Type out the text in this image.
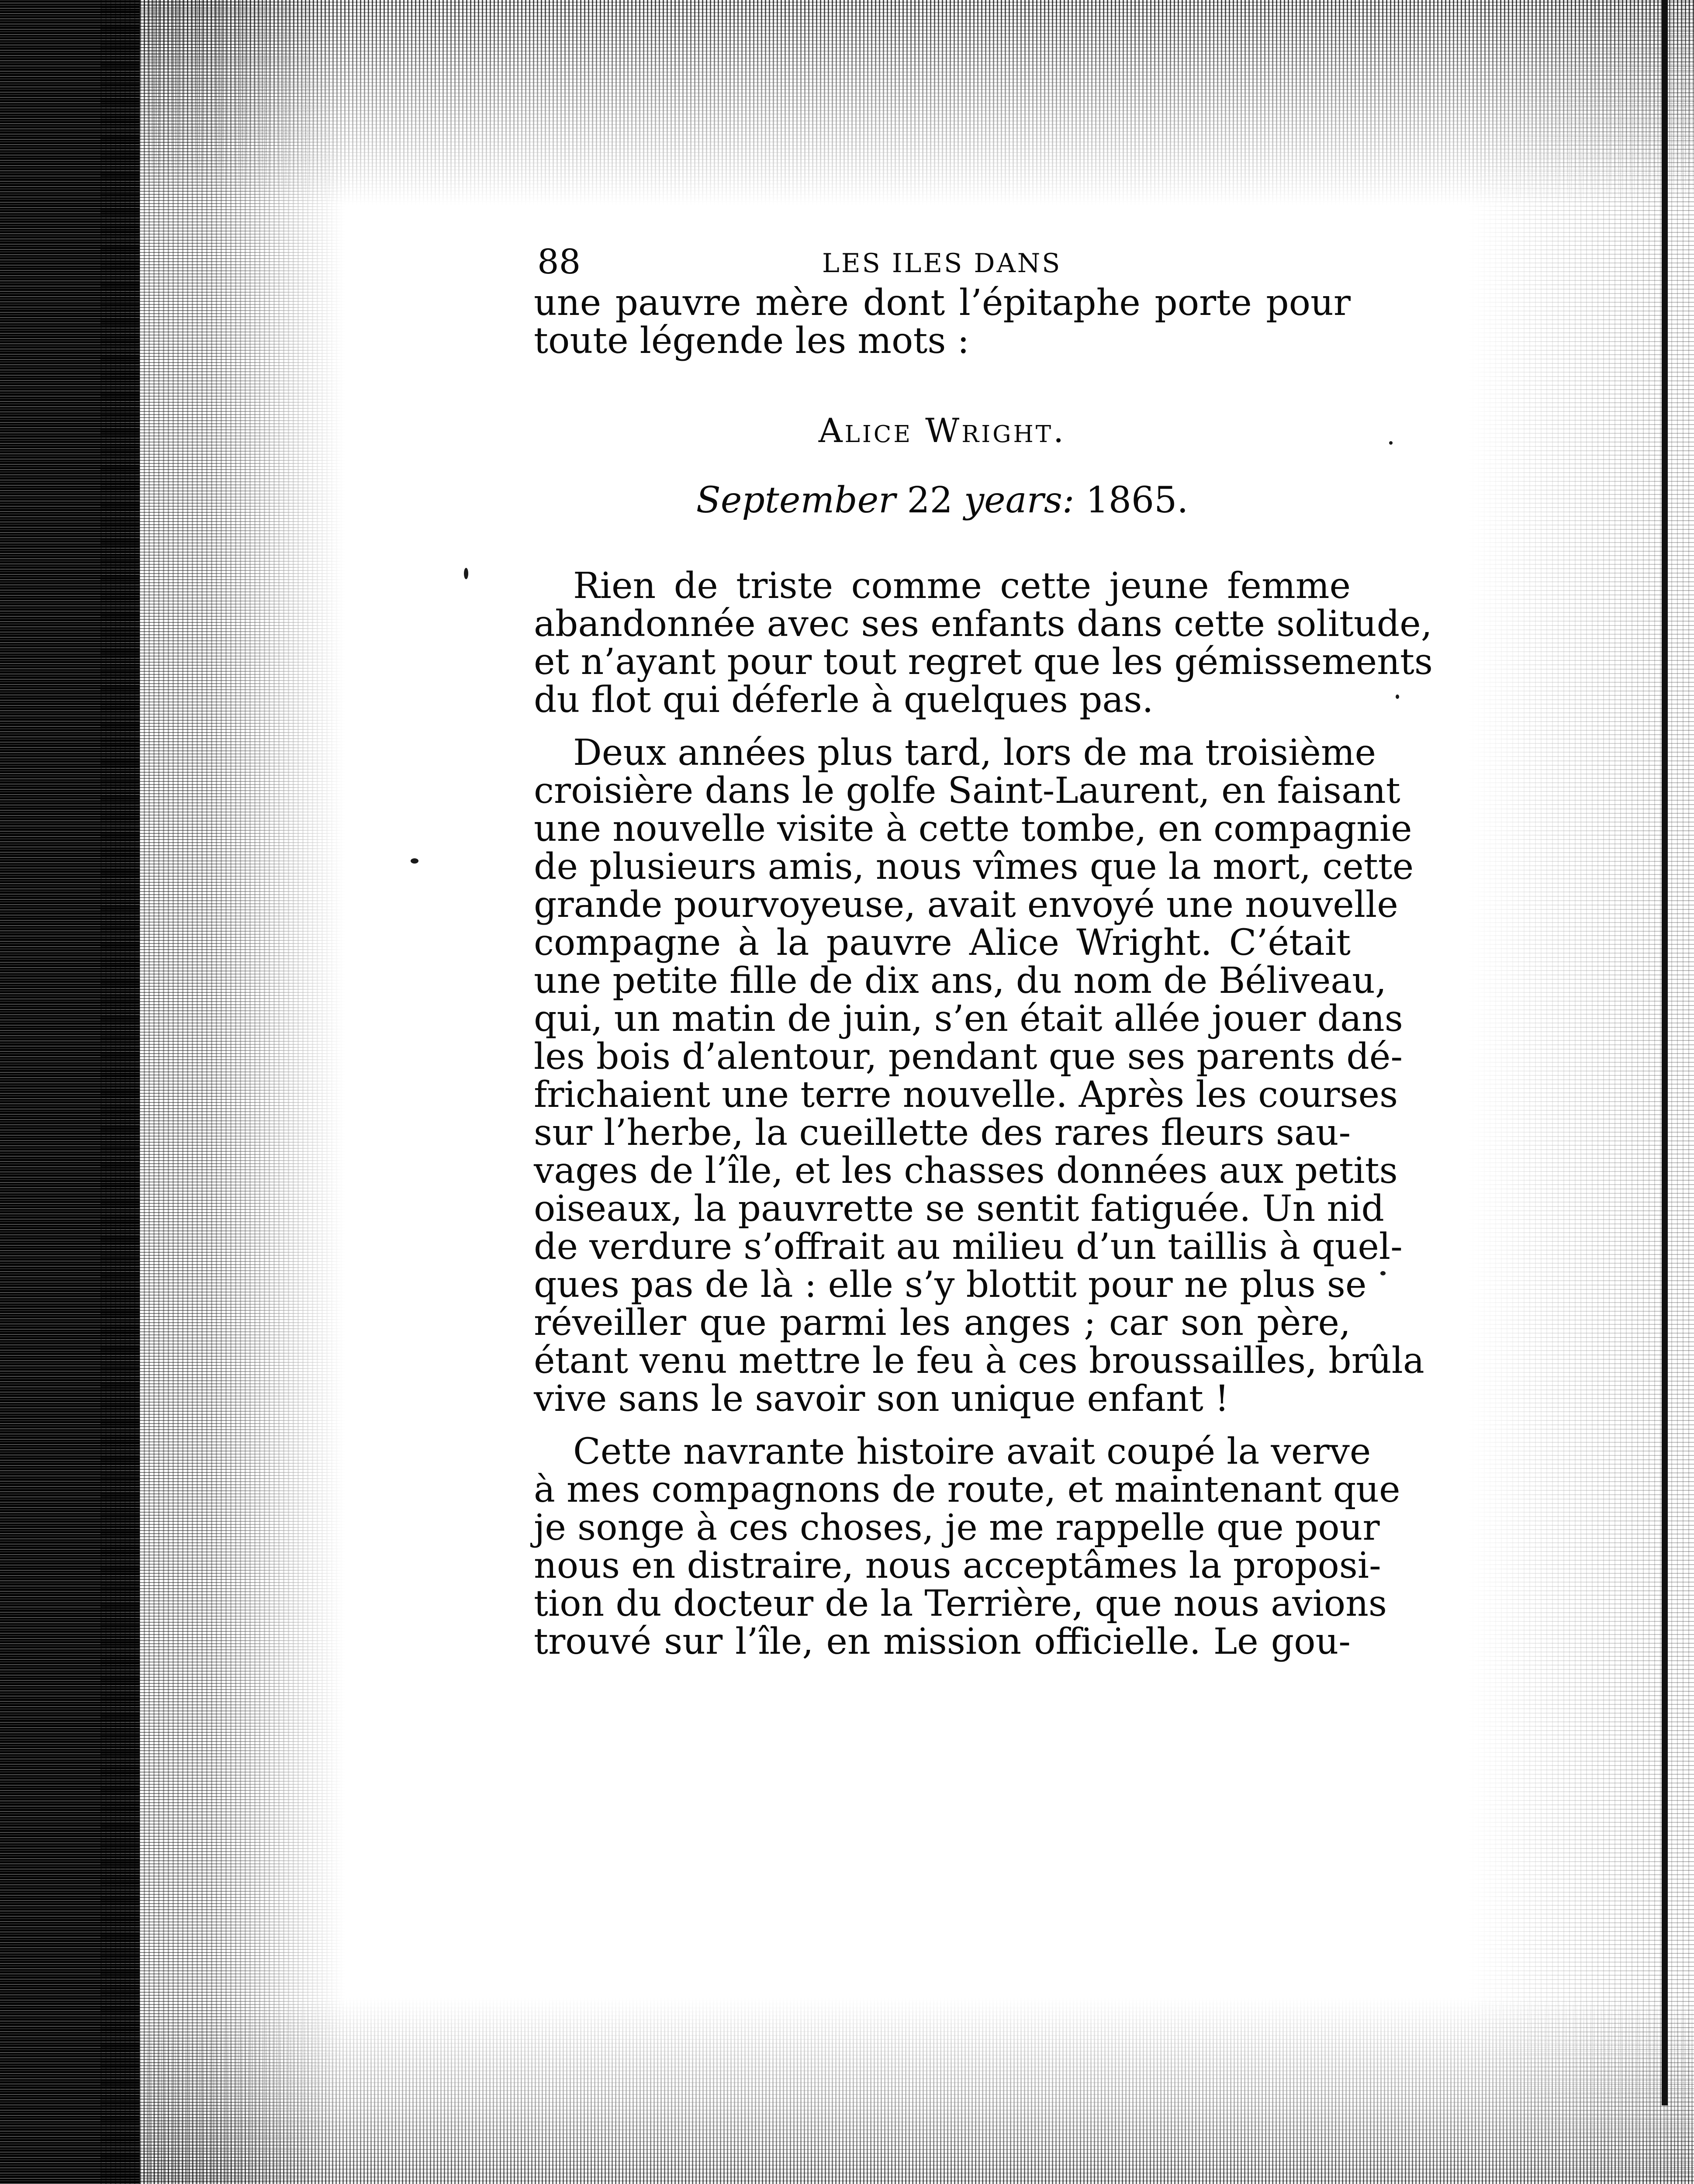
88	LES ILES DANS
une pauvre mère dont l’épitaphe porte pour
toute légende les mots :
Alice Wright.
September 22 years: 1865.
Rien de triste comme cette jeune femme
abandonnée avec ses enfants dans cette solitude,
et n’ayant pour tout regret que les gémissements
du flot qui déferle à quelques pas.
Deux années plus tard, lors de ma troisième
croisière dans le golfe Saint-Laurent, en faisant
une nouvelle visite à cette tombe, en compagnie
de plusieurs amis, nous vîmes que la mort, cette
grande pourvoyeuse, avait envoyé une nouvelle
compagne à la pauvre Alice Wright. C’était
une petite fille de dix ans, du nom de Béliveau,
qui, un matin de juin, s’en était allée jouer dans
les bois d’alentour, pendant que ses parents dé-
frichaient une terre nouvelle. Après les courses
sur l’herbe, la cueillette des rares fleurs sau-
vages de l’île, et les chasses données aux petits
oiseaux, la pauvrette se sentit fatiguée. Un nid
de verdure s’offrait au milieu d’un taillis à quel-
ques pas de là : elle s’y blottit pour ne plus se
réveiller que parmi les anges ; car son père,
étant venu mettre le feu à ces broussailles, brûla
vive sans le savoir son unique enfant !
Cette navrante histoire avait coupé la verve
à mes compagnons de route, et maintenant que
je songe à ces choses, je me rappelle que pour
nous en distraire, nous acceptâmes la proposi-
tion du docteur de la Terrière, que nous avions
trouvé sur l’île, en mission officielle. Le gou-
